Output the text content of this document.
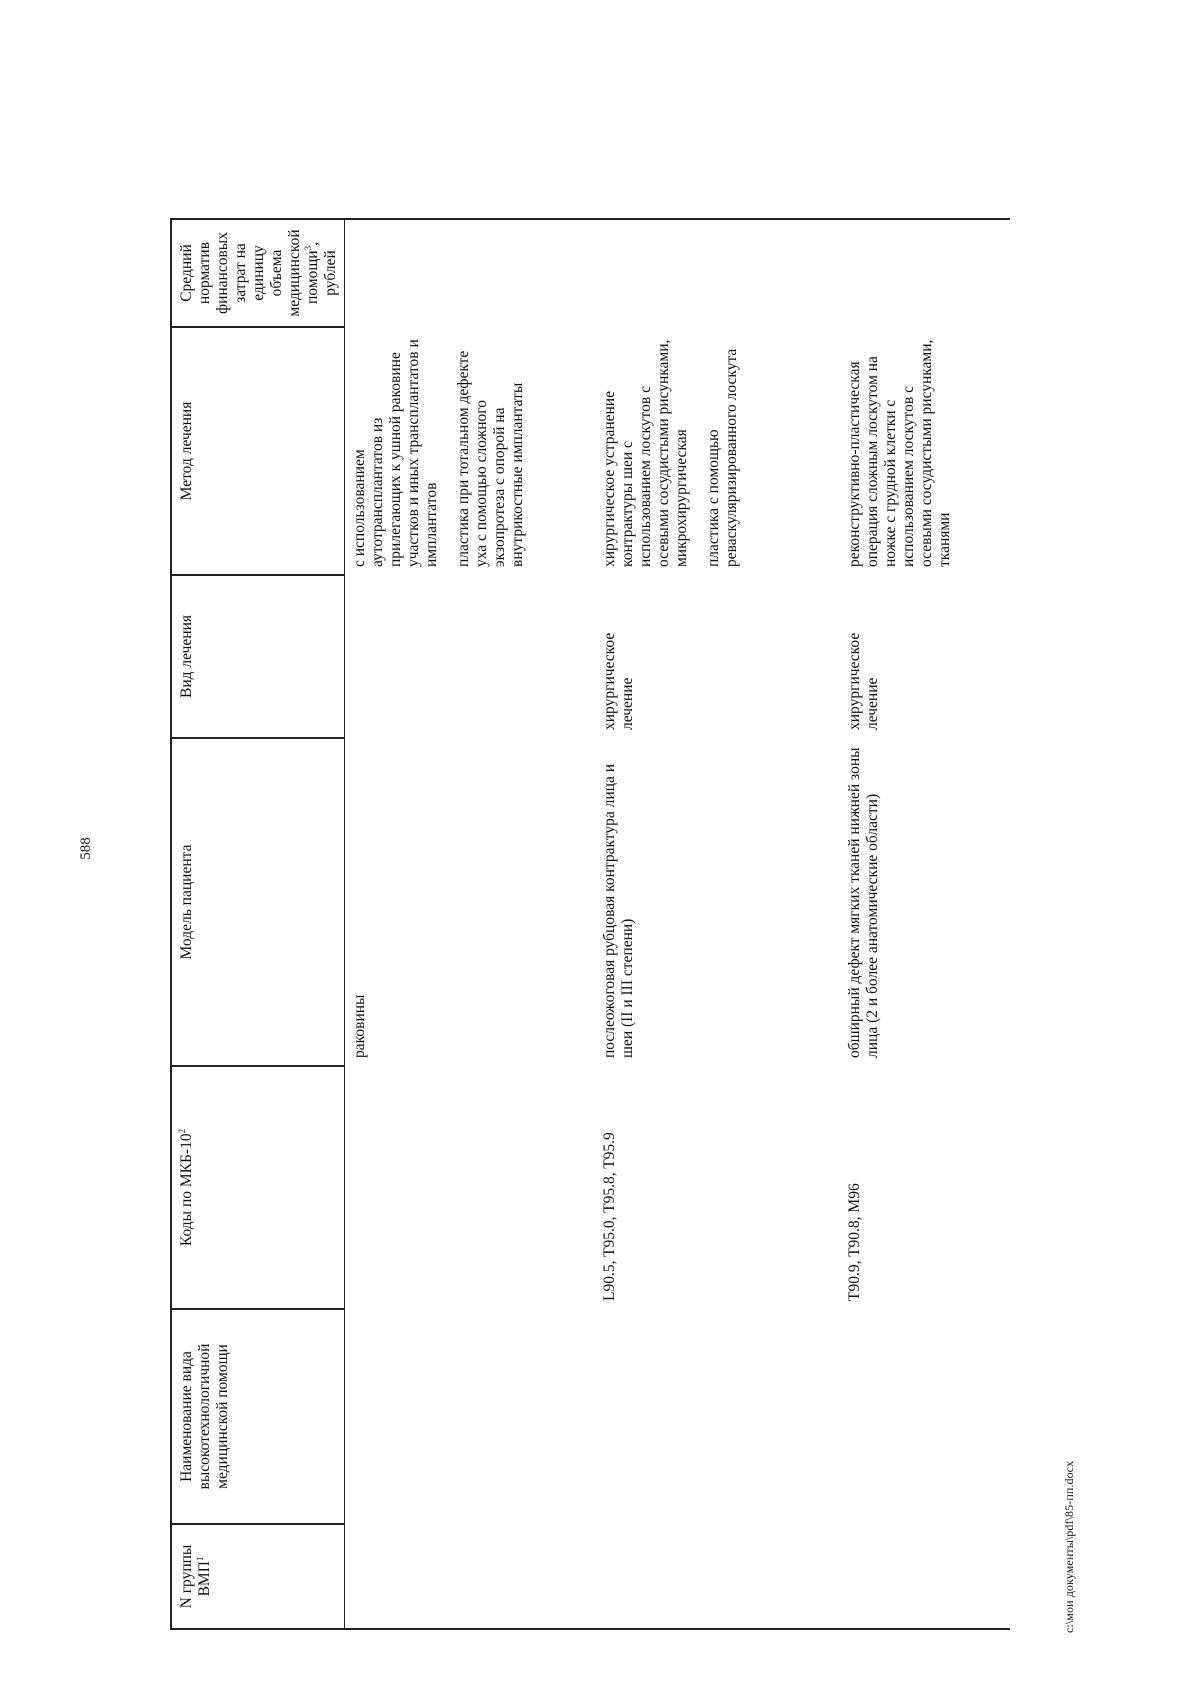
588
N группы ВМП$^1$	Наименование вида высокотехнологичной медицинской помощи	Коды по МКБ-$10^2$	Модель пациента	Вид лечения	Метод лечения	Средний норматив финансовых затрат на единицу объема медицинской помощи$^3$, рублей

			раковины		с использованием аутотрансплантатов из прилегающих к ушной раковине участков и иных трансплантатов и имплантатов пластика при тотальном дефекте уха с помощью сложного экзопротеза с опорой на внутрикостные имплантаты	

		L90.5, T95.0, T95.8, T95.9	послеожоговая рубцовая контрактура лица и шеи (II и III степени)	хирургическое лечение	хирургическое устранение контрактуры шеи с использованием лоскутов с осевыми сосудистыми рисунками, микрохирургическая пластика с помощью реваскуляризированного лоскута	

		T90.9, T90.8, M96	обширный дефект мягких тканей нижней зоны лица (2 и более анатомические области)	хирургическое лечение	реконструктивно-пластическая операция сложным лоскутом на ножке с грудной клетки с использованием лоскутов с осевыми сосудистыми рисунками, тканями	

c:\мои документы\pdf\85-пп.docx
